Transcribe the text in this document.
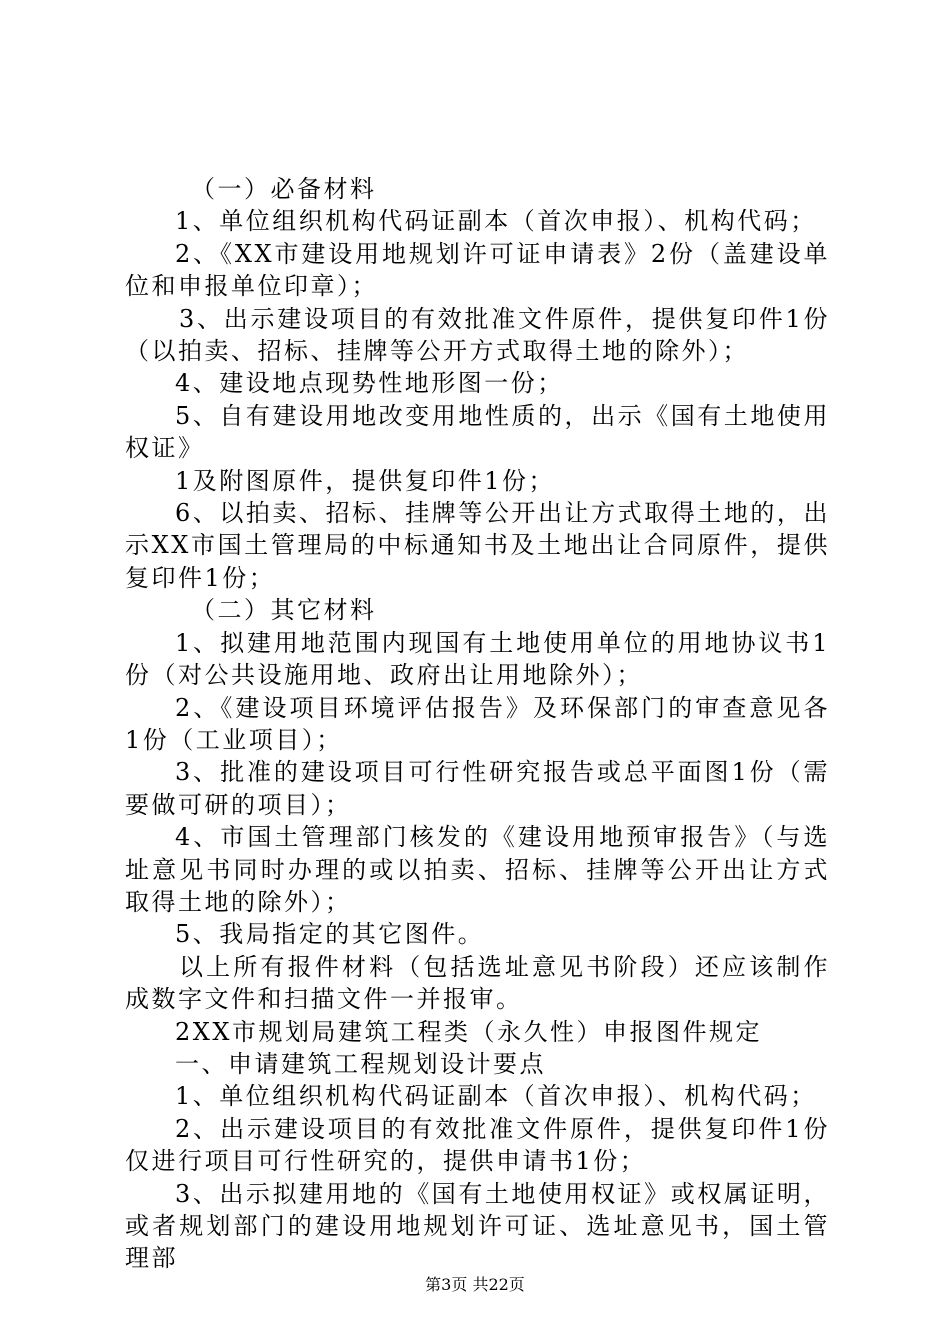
（一）必备材料

1、单位组织机构代码证副本（首次申报）、机构代码；

2、《XX市建设用地规划许可证申请表》2份（盖建设单位和申报单位印章）；

3、出示建设项目的有效批准文件原件，提供复印件1份（以拍卖、招标、挂牌等公开方式取得土地的除外）；

4、建设地点现势性地形图一份；

5、自有建设用地改变用地性质的，出示《国有土地使用权证》

1及附图原件，提供复印件1份；

6、以拍卖、招标、挂牌等公开出让方式取得土地的，出示XX市国土管理局的中标通知书及土地出让合同原件，提供复印件1份；

（二）其它材料

1、拟建用地范围内现国有土地使用单位的用地协议书1份（对公共设施用地、政府出让用地除外）；

2、《建设项目环境评估报告》及环保部门的审查意见各1份（工业项目）；

3、批准的建设项目可行性研究报告或总平面图1份（需要做可研的项目）；

4、市国土管理部门核发的《建设用地预审报告》（与选址意见书同时办理的或以拍卖、招标、挂牌等公开出让方式取得土地的除外）；

5、我局指定的其它图件。

以上所有报件材料（包括选址意见书阶段）还应该制作成数字文件和扫描文件一并报审。

2XX市规划局建筑工程类（永久性）申报图件规定

一、申请建筑工程规划设计要点

1、单位组织机构代码证副本（首次申报）、机构代码；

2、出示建设项目的有效批准文件原件，提供复印件1份仅进行项目可行性研究的，提供申请书1份；

3、出示拟建用地的《国有土地使用权证》或权属证明，或者规划部门的建设用地规划许可证、选址意见书，国土管理部

第3页 共22页
